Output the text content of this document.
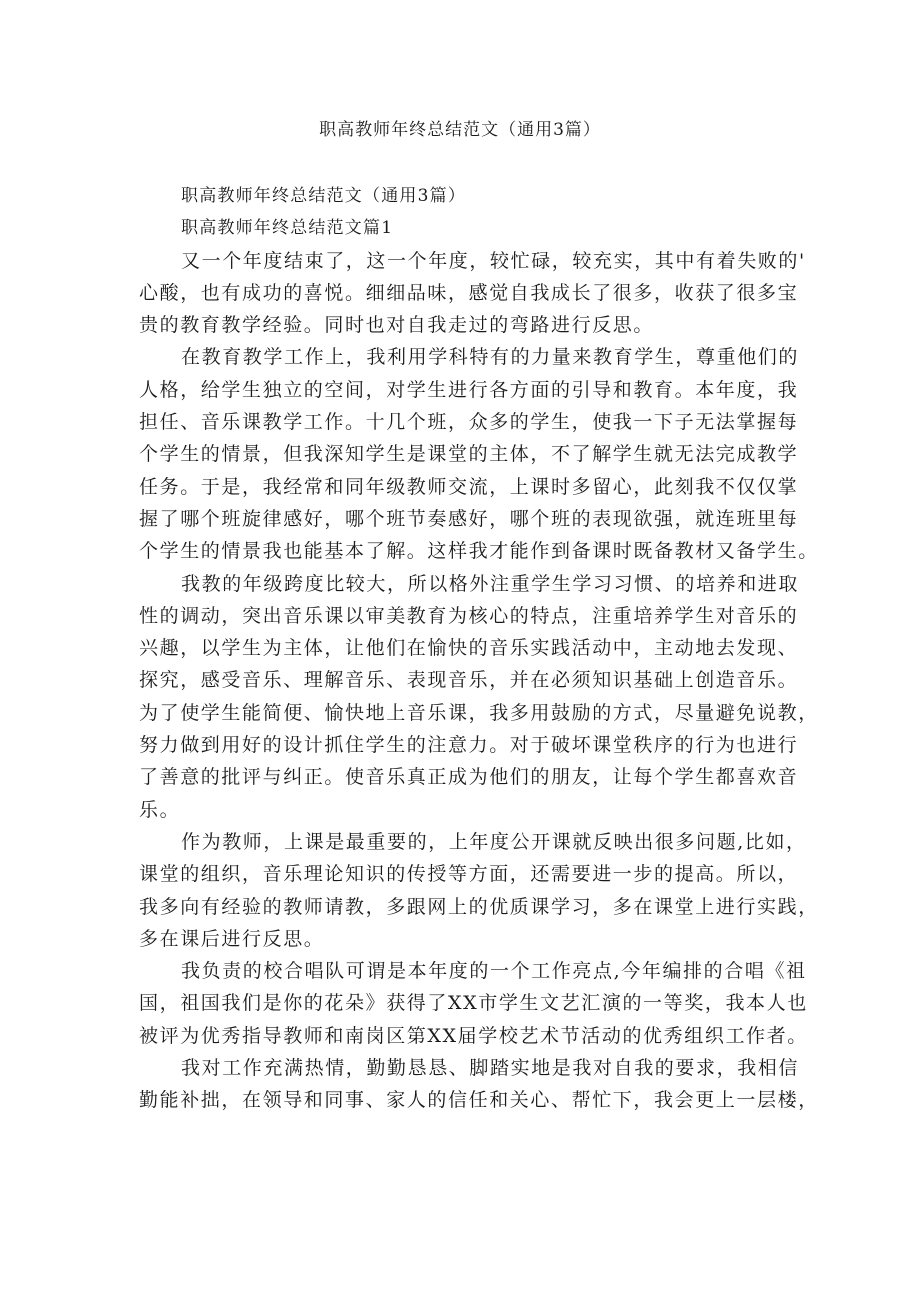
职高教师年终总结范文（通用3篇）
职高教师年终总结范文（通用3篇）
职高教师年终总结范文篇1
又一个年度结束了，这一个年度，较忙碌，较充实，其中有着失败的'
心酸，也有成功的喜悦。细细品味，感觉自我成长了很多，收获了很多宝
贵的教育教学经验。同时也对自我走过的弯路进行反思。
在教育教学工作上，我利用学科特有的力量来教育学生，尊重他们的
人格，给学生独立的空间，对学生进行各方面的引导和教育。本年度，我
担任、音乐课教学工作。十几个班，众多的学生，使我一下子无法掌握每
个学生的情景，但我深知学生是课堂的主体，不了解学生就无法完成教学
任务。于是，我经常和同年级教师交流，上课时多留心，此刻我不仅仅掌
握了哪个班旋律感好，哪个班节奏感好，哪个班的表现欲强，就连班里每
个学生的情景我也能基本了解。这样我才能作到备课时既备教材又备学生。
我教的年级跨度比较大，所以格外注重学生学习习惯、的培养和进取
性的调动，突出音乐课以审美教育为核心的特点，注重培养学生对音乐的
兴趣，以学生为主体，让他们在愉快的音乐实践活动中，主动地去发现、
探究，感受音乐、理解音乐、表现音乐，并在必须知识基础上创造音乐。
为了使学生能简便、愉快地上音乐课，我多用鼓励的方式，尽量避免说教，
努力做到用好的设计抓住学生的注意力。对于破坏课堂秩序的行为也进行
了善意的批评与纠正。使音乐真正成为他们的朋友，让每个学生都喜欢音
乐。
作为教师，上课是最重要的，上年度公开课就反映出很多问题,比如，
课堂的组织，音乐理论知识的传授等方面，还需要进一步的提高。所以，
我多向有经验的教师请教，多跟网上的优质课学习，多在课堂上进行实践，
多在课后进行反思。
我负责的校合唱队可谓是本年度的一个工作亮点,今年编排的合唱《祖
国，祖国我们是你的花朵》获得了XX市学生文艺汇演的一等奖，我本人也
被评为优秀指导教师和南岗区第XX届学校艺术节活动的优秀组织工作者。
我对工作充满热情，勤勤恳恳、脚踏实地是我对自我的要求，我相信
勤能补拙，在领导和同事、家人的信任和关心、帮忙下，我会更上一层楼，
